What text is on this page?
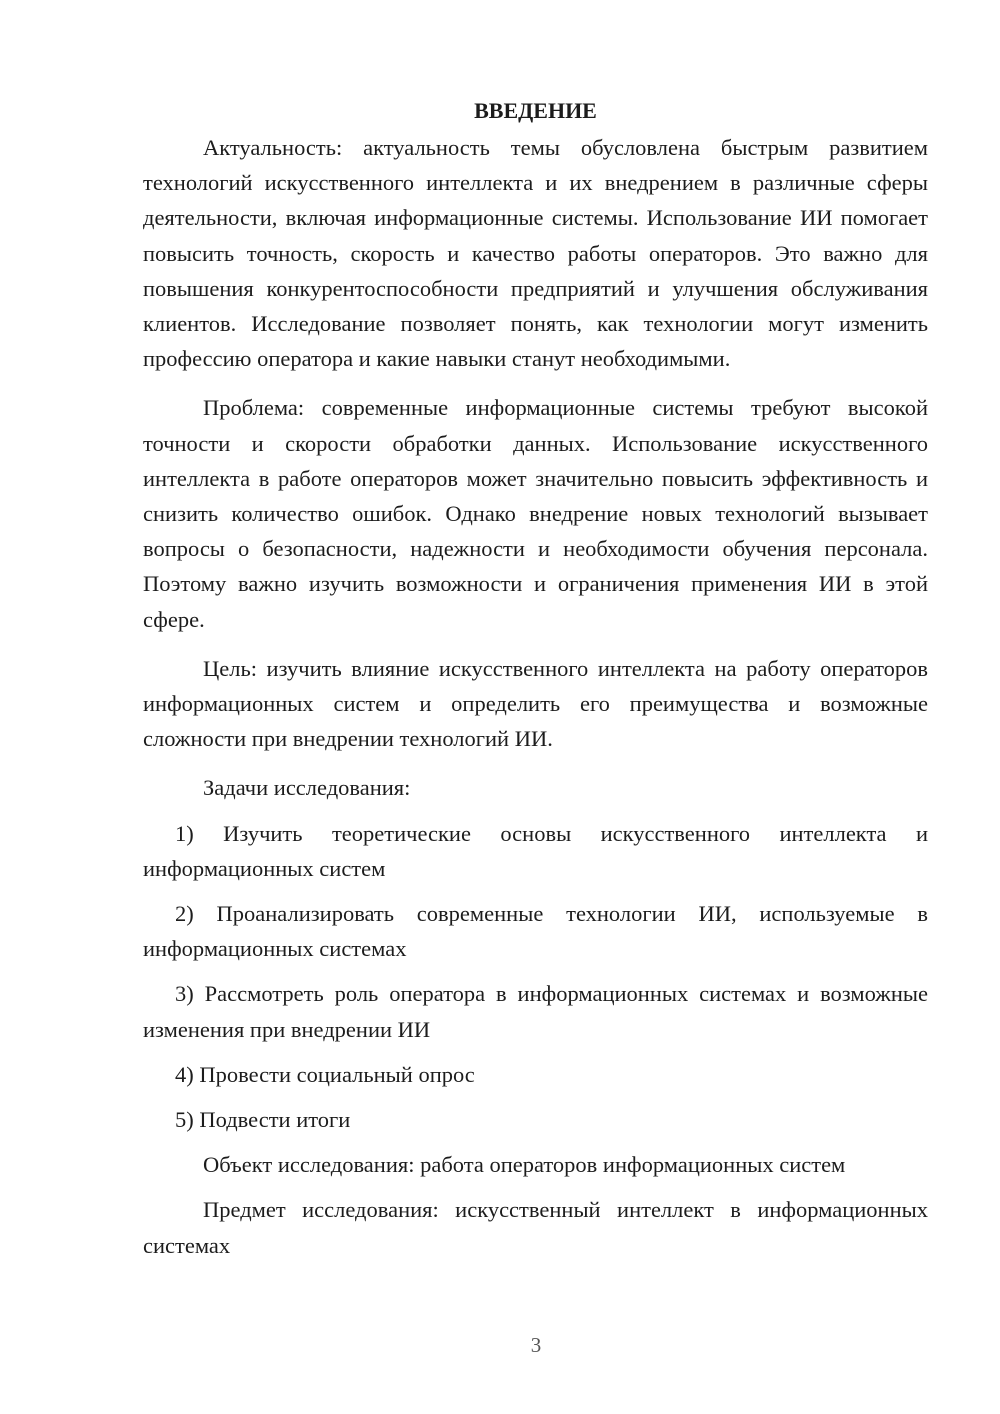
ВВЕДЕНИЕ

Актуальность: актуальность темы обусловлена быстрым развитием технологий искусственного интеллекта и их внедрением в различные сферы деятельности, включая информационные системы. Использование ИИ помогает повысить точность, скорость и качество работы операторов. Это важно для повышения конкурентоспособности предприятий и улучшения обслуживания клиентов. Исследование позволяет понять, как технологии могут изменить профессию оператора и какие навыки станут необходимыми.

Проблема: современные информационные системы требуют высокой точности и скорости обработки данных. Использование искусственного интеллекта в работе операторов может значительно повысить эффективность и снизить количество ошибок. Однако внедрение новых технологий вызывает вопросы о безопасности, надежности и необходимости обучения персонала. Поэтому важно изучить возможности и ограничения применения ИИ в этой сфере.

Цель: изучить влияние искусственного интеллекта на работу операторов информационных систем и определить его преимущества и возможные сложности при внедрении технологий ИИ.

Задачи исследования:

1) Изучить теоретические основы искусственного интеллекта и информационных систем

2) Проанализировать современные технологии ИИ, используемые в информационных системах

3) Рассмотреть роль оператора в информационных системах и возможные изменения при внедрении ИИ

4) Провести социальный опрос

5) Подвести итоги

Объект исследования: работа операторов информационных систем

Предмет исследования: искусственный интеллект в информационных системах

3
